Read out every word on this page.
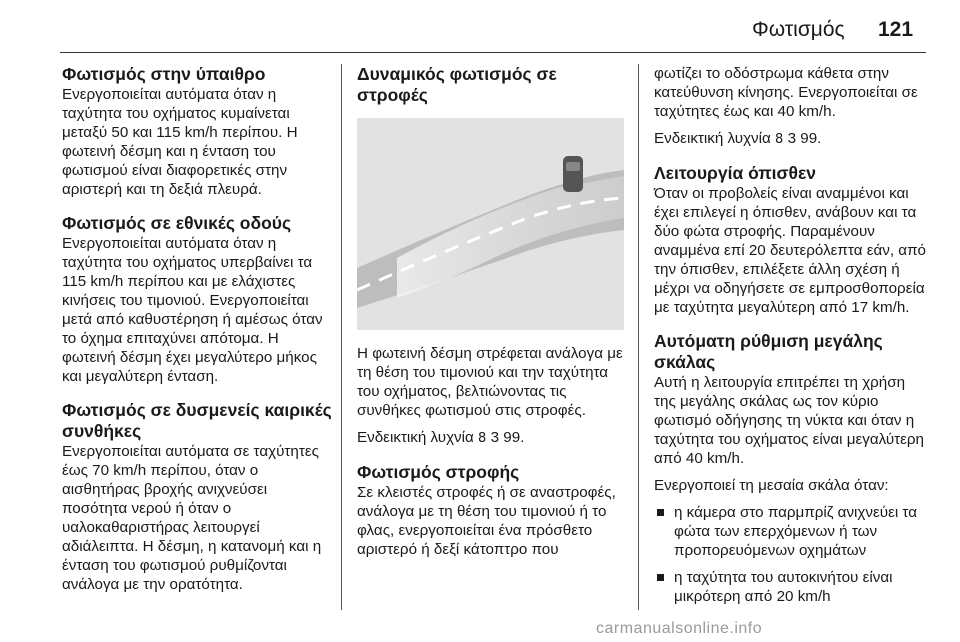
Φωτισμός 121
Φωτισμός στην ύπαιθρο

Ενεργοποιείται αυτόματα όταν η ταχύτητα του οχήματος κυμαίνεται μεταξύ 50 και 115 km/h περίπου. Η φωτεινή δέσμη και η ένταση του φωτισμού είναι διαφορετικές στην αριστερή και τη δεξιά πλευρά.

Φωτισμός σε εθνικές οδούς

Ενεργοποιείται αυτόματα όταν η ταχύτητα του οχήματος υπερβαίνει τα 115 km/h περίπου και με ελάχιστες κινήσεις του τιμονιού. Ενεργοποιείται μετά από καθυστέρηση ή αμέσως όταν το όχημα επιταχύνει απότομα. Η φωτεινή δέσμη έχει μεγαλύτερο μήκος και μεγαλύτερη ένταση.

Φωτισμός σε δυσμενείς καιρικές συνθήκες

Ενεργοποιείται αυτόματα σε ταχύτητες έως 70 km/h περίπου, όταν ο αισθητήρας βροχής ανιχνεύσει ποσότητα νερού ή όταν ο υαλοκαθαριστήρας λειτουργεί αδιάλειπτα. Η δέσμη, η κατανομή και η ένταση του φωτισμού ρυθμίζονται ανάλογα με την ορατότητα.

Δυναμικός φωτισμός σε στροφές

Η φωτεινή δέσμη στρέφεται ανάλογα με τη θέση του τιμονιού και την ταχύτητα του οχήματος, βελτιώνοντας τις συνθήκες φωτισμού στις στροφές.

Ενδεικτική λυχνία 8 3 99.

Φωτισμός στροφής

Σε κλειστές στροφές ή σε αναστροφές, ανάλογα με τη θέση του τιμονιού ή το φλας, ενεργοποιείται ένα πρόσθετο αριστερό ή δεξί κάτοπτρο που

φωτίζει το οδόστρωμα κάθετα στην κατεύθυνση κίνησης. Ενεργοποιείται σε ταχύτητες έως και 40 km/h.

Ενδεικτική λυχνία 8 3 99.

Λειτουργία όπισθεν

Όταν οι προβολείς είναι αναμμένοι και έχει επιλεγεί η όπισθεν, ανάβουν και τα δύο φώτα στροφής. Παραμένουν αναμμένα επί 20 δευτερόλεπτα εάν, από την όπισθεν, επιλέξετε άλλη σχέση ή μέχρι να οδηγήσετε σε εμπροσθοπορεία με ταχύτητα μεγαλύτερη από 17 km/h.

Αυτόματη ρύθμιση μεγάλης σκάλας

Αυτή η λειτουργία επιτρέπει τη χρήση της μεγάλης σκάλας ως τον κύριο φωτισμό οδήγησης τη νύκτα και όταν η ταχύτητα του οχήματος είναι μεγαλύτερη από 40 km/h.

Ενεργοποιεί τη μεσαία σκάλα όταν:

η κάμερα στο παρμπρίζ ανιχνεύει τα φώτα των επερχόμενων ή των προπορευόμενων οχημάτων
η ταχύτητα του αυτοκινήτου είναι μικρότερη από 20 km/h
carmanualsonline.info
